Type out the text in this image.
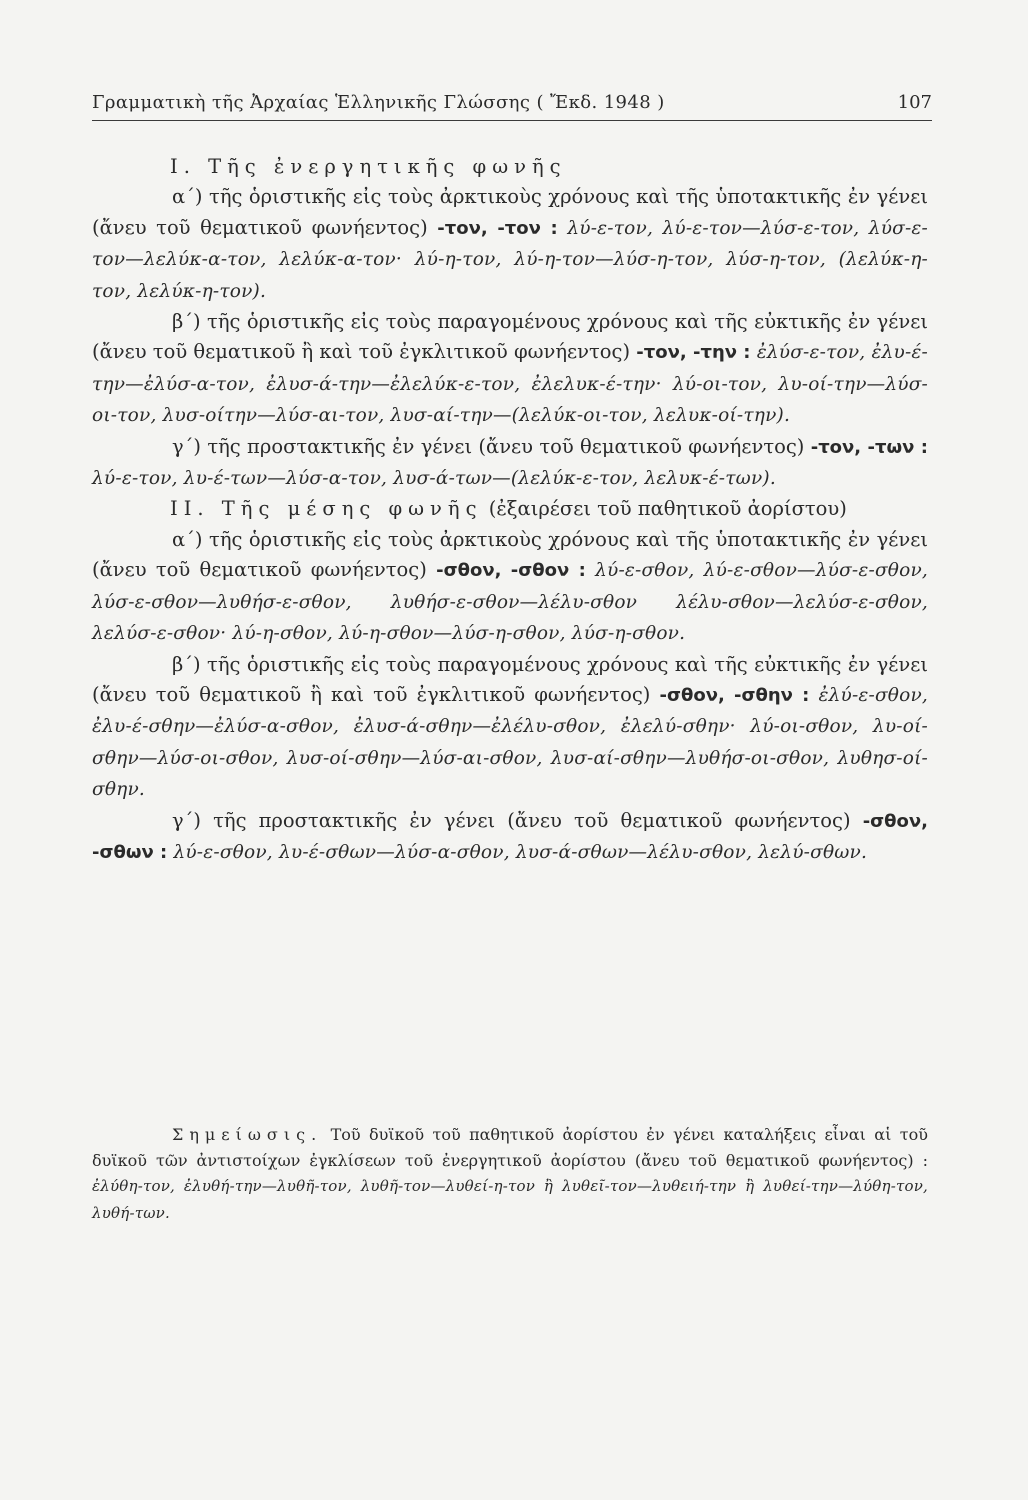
Γραμματικὴ τῆς Ἀρχαίας Ἑλληνικῆς Γλώσσης ( Ἔκδ. 1948 )	107

I. Τῆς ἐνεργητικῆς φωνῆς

α´) τῆς ὁριστικῆς εἰς τοὺς ἀρκτικοὺς χρόνους καὶ τῆς ὑποτακτικῆς ἐν γένει (ἄνευ τοῦ θεματικοῦ φωνήεντος) -τον, -τον : λύ-ε-τον, λύ-ε-τον—λύσ-ε-τον, λύσ-ε-τον—λελύκ-α-τον, λελύκ-α-τον· λύ-η-τον, λύ-η-τον—λύσ-η-τον, λύσ-η-τον, (λελύκ-η-τον, λελύκ-η-τον).

β´) τῆς ὁριστικῆς εἰς τοὺς παραγομένους χρόνους καὶ τῆς εὐκτικῆς ἐν γένει (ἄνευ τοῦ θεματικοῦ ἢ καὶ τοῦ ἐγκλιτικοῦ φωνήεντος) -τον, -την : ἐλύσ-ε-τον, ἐλυ-έ-την—ἐλύσ-α-τον, ἐλυσ-ά-την—ἐλελύκ-ε-τον, ἐλελυκ-έ-την· λύ-οι-τον, λυ-οί-την—λύσ-οι-τον, λυσ-οίτην—λύσ-αι-τον, λυσ-αί-την—(λελύκ-οι-τον, λελυκ-οί-την).

γ´) τῆς προστακτικῆς ἐν γένει (ἄνευ τοῦ θεματικοῦ φωνήεντος) -τον, -των : λύ-ε-τον, λυ-έ-των—λύσ-α-τον, λυσ-ά-των—(λελύκ-ε-τον, λελυκ-έ-των).

II. Τῆς μέσης φωνῆς (ἐξαιρέσει τοῦ παθητικοῦ ἀορίστου)

α´) τῆς ὁριστικῆς εἰς τοὺς ἀρκτικοὺς χρόνους καὶ τῆς ὑποτακτικῆς ἐν γένει (ἄνευ τοῦ θεματικοῦ φωνήεντος) -σθον, -σθον : λύ-ε-σθον, λύ-ε-σθον—λύσ-ε-σθον, λύσ-ε-σθον—λυθήσ-ε-σθον, λυθήσ-ε-σθον—λέλυ-σθον λέλυ-σθον—λελύσ-ε-σθον, λελύσ-ε-σθον· λύ-η-σθον, λύ-η-σθον—λύσ-η-σθον, λύσ-η-σθον.

β´) τῆς ὁριστικῆς εἰς τοὺς παραγομένους χρόνους καὶ τῆς εὐκτικῆς ἐν γένει (ἄνευ τοῦ θεματικοῦ ἢ καὶ τοῦ ἐγκλιτικοῦ φωνήεντος) -σθον, -σθην : ἐλύ-ε-σθον, ἐλυ-έ-σθην—ἐλύσ-α-σθον, ἐλυσ-ά-σθην—ἐλέλυ-σθον, ἐλελύ-σθην· λύ-οι-σθον, λυ-οί-σθην—λύσ-οι-σθον, λυσ-οί-σθην—λύσ-αι-σθον, λυσ-αί-σθην—λυθήσ-οι-σθον, λυθησ-οί-σθην.

γ´) τῆς προστακτικῆς ἐν γένει (ἄνευ τοῦ θεματικοῦ φωνήεντος) -σθον, -σθων : λύ-ε-σθον, λυ-έ-σθων—λύσ-α-σθον, λυσ-ά-σθων—λέλυ-σθον, λελύ-σθων.

Σημείωσις. Τοῦ δυϊκοῦ τοῦ παθητικοῦ ἀορίστου ἐν γένει καταλήξεις εἶναι αἱ τοῦ δυϊκοῦ τῶν ἀντιστοίχων ἐγκλίσεων τοῦ ἐνεργητικοῦ ἀορίστου (ἄνευ τοῦ θεματικοῦ φωνήεντος) : ἐλύθη-τον, ἐλυθή-την—λυθῆ-τον, λυθῆ-τον—λυθεί-η-τον ἢ λυθεῖ-τον—λυθειή-την ἢ λυθεί-την—λύθη-τον, λυθή-των.
